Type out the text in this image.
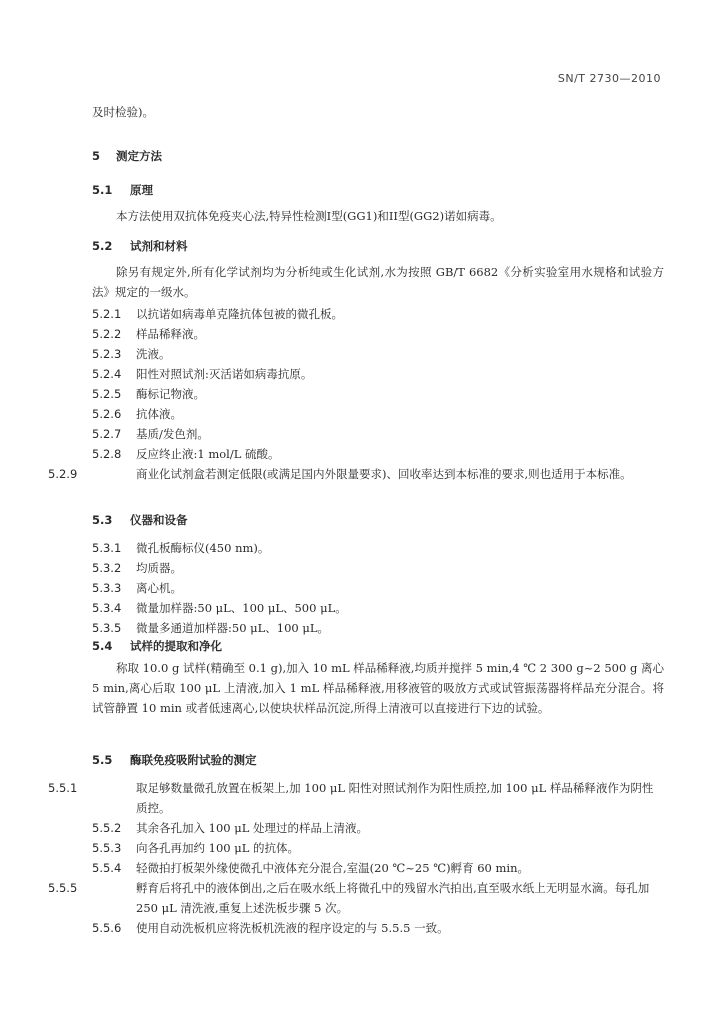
SN/T 2730—2010
及时检验)。
5 测定方法
5.1 原理
本方法使用双抗体免疫夹心法,特异性检测I型(GG1)和II型(GG2)诺如病毒。
5.2 试剂和材料
除另有规定外,所有化学试剂均为分析纯或生化试剂,水为按照 GB/T 6682《分析实验室用水规格和试验方法》规定的一级水。
5.2.1 以抗诺如病毒单克隆抗体包被的微孔板。
5.2.2 样品稀释液。
5.2.3 洗液。
5.2.4 阳性对照试剂:灭活诺如病毒抗原。
5.2.5 酶标记物液。
5.2.6 抗体液。
5.2.7 基质/发色剂。
5.2.8 反应终止液:1 mol/L 硫酸。
5.2.9	商业化试剂盒若测定低限(或满足国内外限量要求)、回收率达到本标准的要求,则也适用于本标准。
5.3 仪器和设备
5.3.1 微孔板酶标仪(450 nm)。
5.3.2 均质器。
5.3.3 离心机。
5.3.4 微量加样器:50 μL、100 μL、500 μL。
5.3.5 微量多通道加样器:50 μL、100 μL。
5.4 试样的提取和净化
称取 10.0 g 试样(精确至 0.1 g),加入 10 mL 样品稀释液,均质并搅拌 5 min,4 ℃ 2 300 g~2 500 g 离心 5 min,离心后取 100 μL 上清液,加入 1 mL 样品稀释液,用移液管的吸放方式或试管振荡器将样品充分混合。将试管静置 10 min 或者低速离心,以使块状样品沉淀,所得上清液可以直接进行下边的试验。
5.5 酶联免疫吸附试验的测定
5.5.1	取足够数量微孔放置在板架上,加 100 μL 阳性对照试剂作为阳性质控,加 100 μL 样品稀释液作为阴性质控。
5.5.2 其余各孔加入 100 μL 处理过的样品上清液。
5.5.3 向各孔再加约 100 μL 的抗体。
5.5.4 轻微拍打板架外缘使微孔中液体充分混合,室温(20 ℃~25 ℃)孵育 60 min。
5.5.5	孵育后将孔中的液体倒出,之后在吸水纸上将微孔中的残留水汽拍出,直至吸水纸上无明显水滴。每孔加 250 μL 清洗液,重复上述洗板步骤 5 次。
5.5.6 使用自动洗板机应将洗板机洗液的程序设定的与 5.5.5 一致。
